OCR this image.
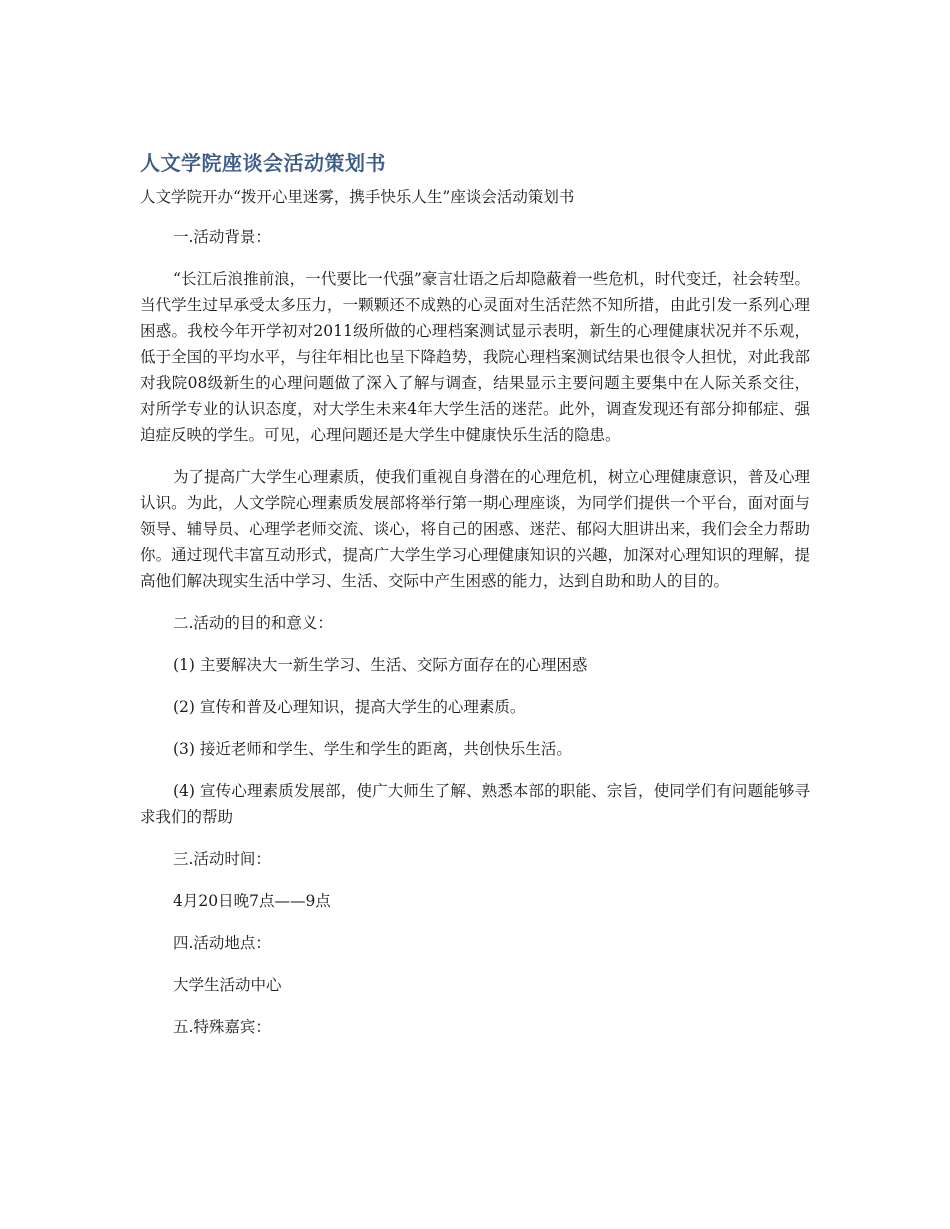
人文学院座谈会活动策划书
人文学院开办“拨开心里迷雾，携手快乐人生”座谈会活动策划书

一.活动背景：

“长江后浪推前浪，一代要比一代强”豪言壮语之后却隐蔽着一些危机，时代变迁，社会转型。当代学生过早承受太多压力，一颗颗还不成熟的心灵面对生活茫然不知所措，由此引发一系列心理困惑。我校今年开学初对2011级所做的心理档案测试显示表明，新生的心理健康状况并不乐观，低于全国的平均水平，与往年相比也呈下降趋势，我院心理档案测试结果也很令人担忧，对此我部对我院08级新生的心理问题做了深入了解与调查，结果显示主要问题主要集中在人际关系交往，对所学专业的认识态度，对大学生未来4年大学生活的迷茫。此外，调查发现还有部分抑郁症、强迫症反映的学生。可见，心理问题还是大学生中健康快乐生活的隐患。

为了提高广大学生心理素质，使我们重视自身潜在的心理危机，树立心理健康意识，普及心理认识。为此，人文学院心理素质发展部将举行第一期心理座谈，为同学们提供一个平台，面对面与领导、辅导员、心理学老师交流、谈心，将自己的困惑、迷茫、郁闷大胆讲出来，我们会全力帮助你。通过现代丰富互动形式，提高广大学生学习心理健康知识的兴趣，加深对心理知识的理解，提高他们解决现实生活中学习、生活、交际中产生困惑的能力，达到自助和助人的目的。

二.活动的目的和意义：

(1) 主要解决大一新生学习、生活、交际方面存在的心理困惑

(2) 宣传和普及心理知识，提高大学生的心理素质。

(3) 接近老师和学生、学生和学生的距离，共创快乐生活。

(4) 宣传心理素质发展部，使广大师生了解、熟悉本部的职能、宗旨，使同学们有问题能够寻求我们的帮助

三.活动时间：

4月20日晚7点——9点

四.活动地点：

大学生活动中心

五.特殊嘉宾：
